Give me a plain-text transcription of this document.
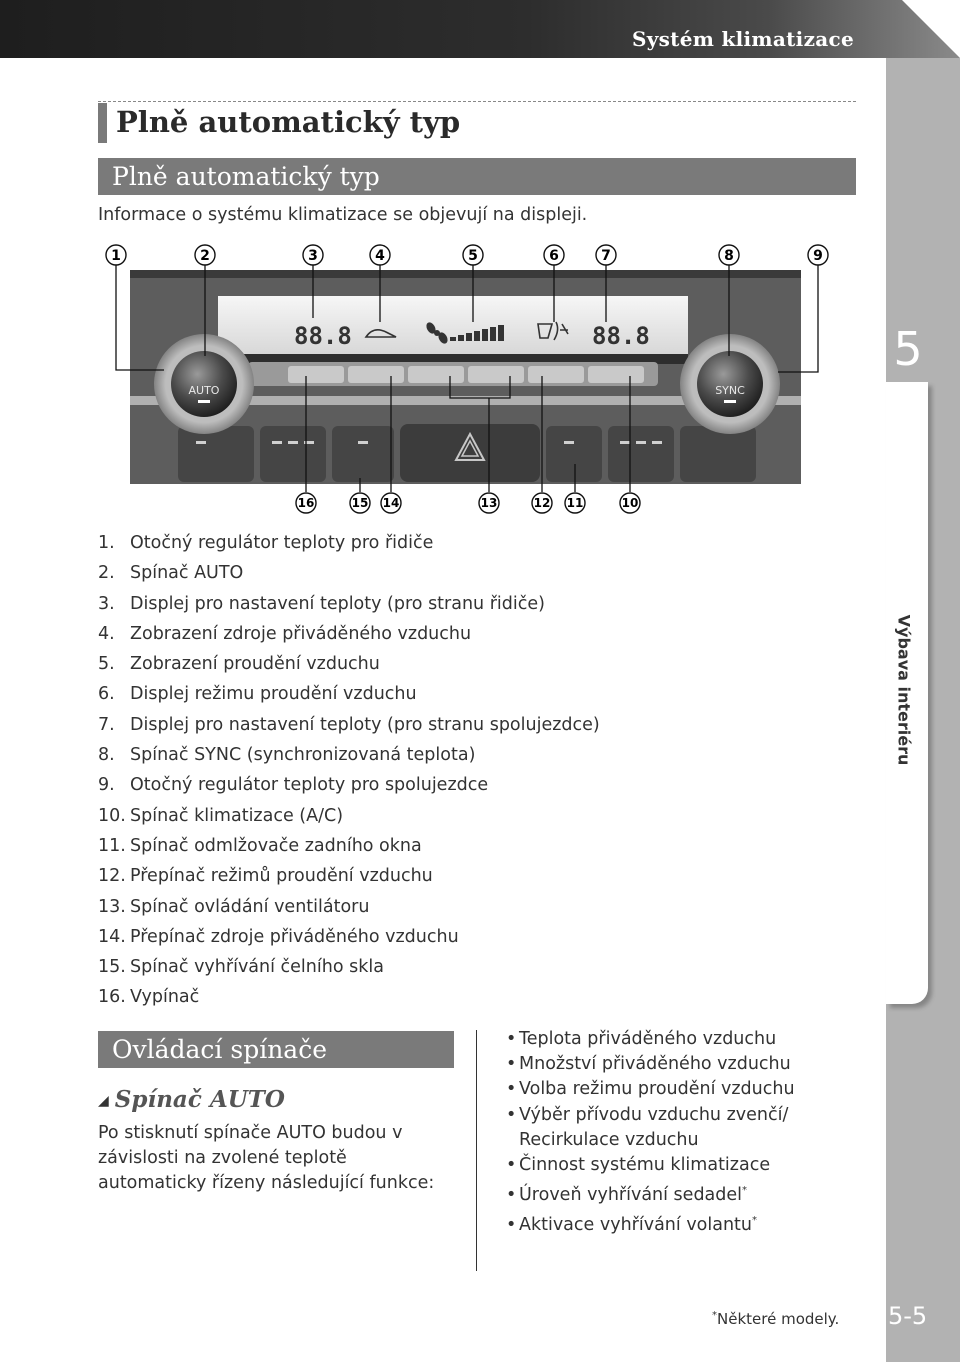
Systém klimatizace
5
Výbava interiéru
5-5
Plně automatický typ
Plně automatický typ
Informace o systému klimatizace se objevují na displeji.
AUTO	SYNC
88.8	88.8
1	2	3	4	5	6	7	8	9
16	15 14	13	12 11	10
1. Otočný regulátor teploty pro řidiče
2. Spínač AUTO
3. Displej pro nastavení teploty (pro stranu řidiče)
4. Zobrazení zdroje přiváděného vzduchu
5. Zobrazení proudění vzduchu
6. Displej režimu proudění vzduchu
7. Displej pro nastavení teploty (pro stranu spolujezdce)
8. Spínač SYNC (synchronizovaná teplota)
9. Otočný regulátor teploty pro spolujezdce
10. Spínač klimatizace (A/C)
11. Spínač odmlžovače zadního okna
12. Přepínač režimů proudění vzduchu
13. Spínač ovládání ventilátoru
14. Přepínač zdroje přiváděného vzduchu
15. Spínač vyhřívání čelního skla
16. Vypínač
Ovládací spínače
◢ Spínač AUTO
Po stisknutí spínače AUTO budou v závislosti na zvolené teplotě automaticky řízeny následující funkce:
• Teplota přiváděného vzduchu
• Množství přiváděného vzduchu
• Volba režimu proudění vzduchu
• Výběr přívodu vzduchu zvenčí/ Recirkulace vzduchu
• Činnost systému klimatizace
• Úroveň vyhřívání sedadel*
• Aktivace vyhřívání volantu*
*Některé modely.
